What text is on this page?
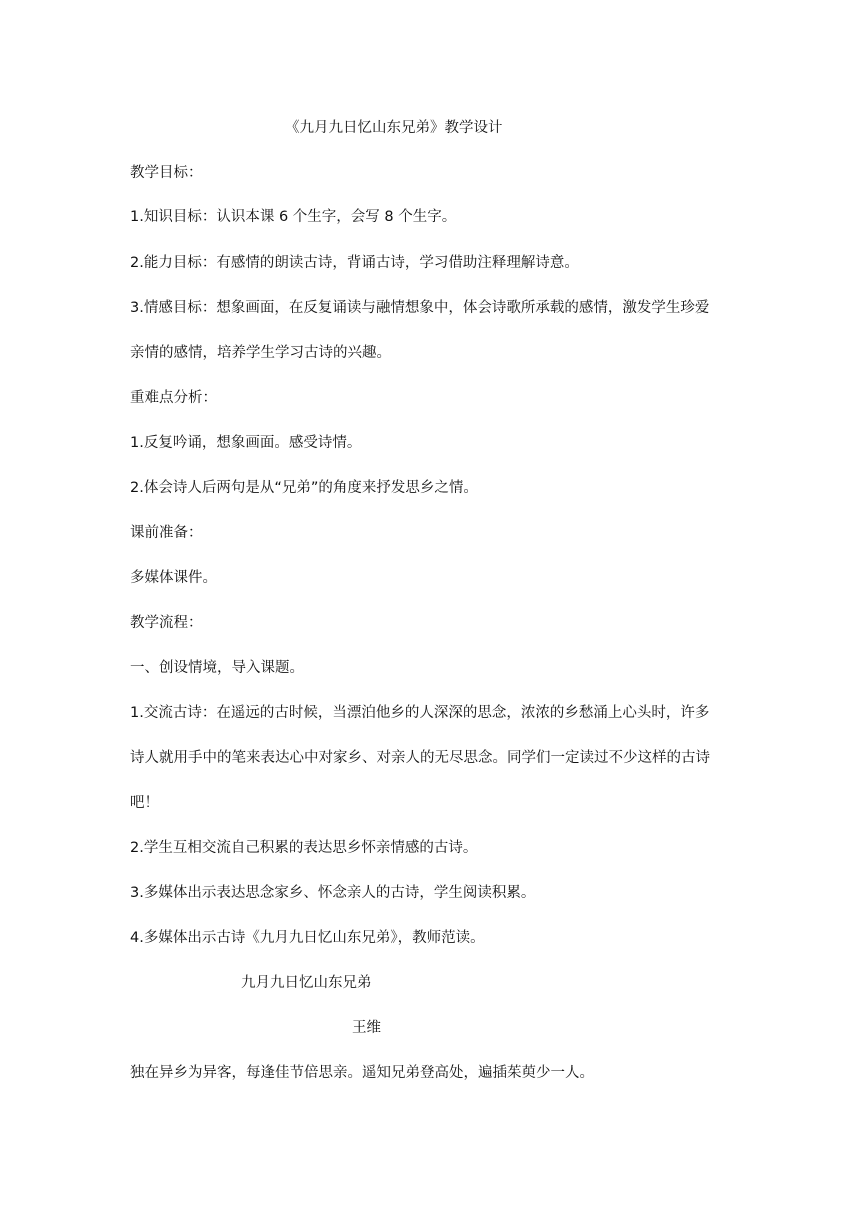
《九月九日忆山东兄弟》教学设计
教学目标：
1.知识目标：认识本课 6 个生字，会写 8 个生字。
2.能力目标：有感情的朗读古诗，背诵古诗，学习借助注释理解诗意。
3.情感目标：想象画面，在反复诵读与融情想象中，体会诗歌所承载的感情，激发学生珍爱
亲情的感情，培养学生学习古诗的兴趣。
重难点分析：
1.反复吟诵，想象画面。感受诗情。
2.体会诗人后两句是从“兄弟”的角度来抒发思乡之情。
课前准备：
多媒体课件。
教学流程：
一、创设情境，导入课题。
1.交流古诗：在遥远的古时候，当漂泊他乡的人深深的思念，浓浓的乡愁涌上心头时，许多
诗人就用手中的笔来表达心中对家乡、对亲人的无尽思念。同学们一定读过不少这样的古诗
吧！
2.学生互相交流自己积累的表达思乡怀亲情感的古诗。
3.多媒体出示表达思念家乡、怀念亲人的古诗，学生阅读积累。
4.多媒体出示古诗《九月九日忆山东兄弟》，教师范读。
九月九日忆山东兄弟
王维
独在异乡为异客，每逢佳节倍思亲。遥知兄弟登高处，遍插茱萸少一人。
